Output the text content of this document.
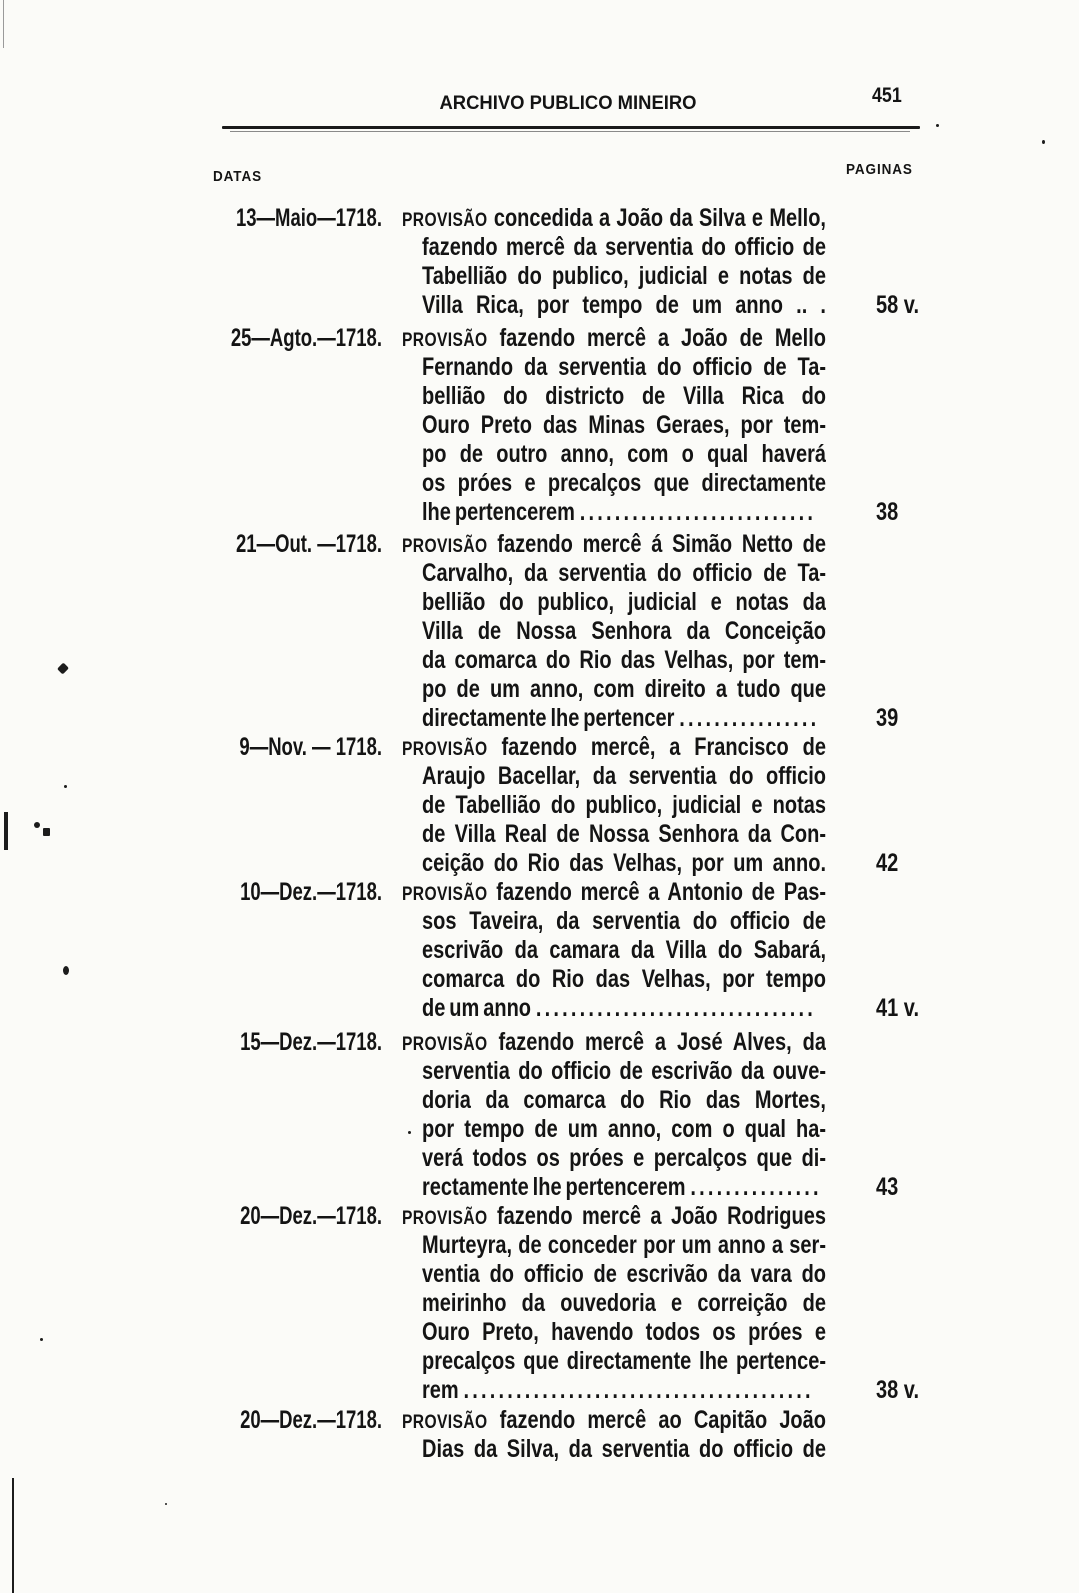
ARCHIVO PUBLICO MINEIRO	451
DATAS	PAGINAS
13—Maio—1718. PROVISÃO concedida a João da Silva e Mello,
fazendo mercê da serventia do officio de
Tabellião do publico, judicial e notas de
Villa Rica, por tempo de um anno .. . 58 v.
25—Agto.—1718. PROVISÃO fazendo mercê a João de Mello
Fernando da serventia do officio de Ta-
bellião do districto de Villa Rica do
Ouro Preto das Minas Geraes, por tem-
po de outro anno, com o qual haverá
os próes e precalços que directamente
lhe pertencerem ...........................	38
21—Out. —1718. PROVISÃO fazendo mercê á Simão Netto de
Carvalho, da serventia do officio de Ta-
bellião do publico, judicial e notas da
Villa de Nossa Senhora da Conceição
da comarca do Rio das Velhas, por tem-
po de um anno, com direito a tudo que
directamente lhe pertencer ................ 39
9—Nov. — 1718. PROVISÃO fazendo mercê, a Francisco de
Araujo Bacellar, da serventia do officio
de Tabellião do publico, judicial e notas
de Villa Real de Nossa Senhora da Con-
ceição do Rio das Velhas, por um anno. 42
10—Dez.—1718. PROVISÃO fazendo mercê a Antonio de Pas-
sos Taveira, da serventia do officio de
escrivão da camara da Villa do Sabará,
comarca do Rio das Velhas, por tempo
de um anno ................................	41 v.
15—Dez.—1718. PROVISÃO fazendo mercê a José Alves, da
serventia do officio de escrivão da ouve-
doria da comarca do Rio das Mortes,
por tempo de um anno, com o qual ha-
verá todos os próes e percalços que di-
rectamente lhe pertencerem ............... 43
20—Dez.—1718. PROVISÃO fazendo mercê a João Rodrigues
Murteyra, de conceder por um anno a ser-
ventia do officio de escrivão da vara do
meirinho da ouvedoria e correição de
Ouro Preto, havendo todos os próes e
precalços que directamente lhe pertence-
rem ........................................	38 v.
20—Dez.—1718. PROVISÃO fazendo mercê ao Capitão João
Dias da Silva, da serventia do officio de
